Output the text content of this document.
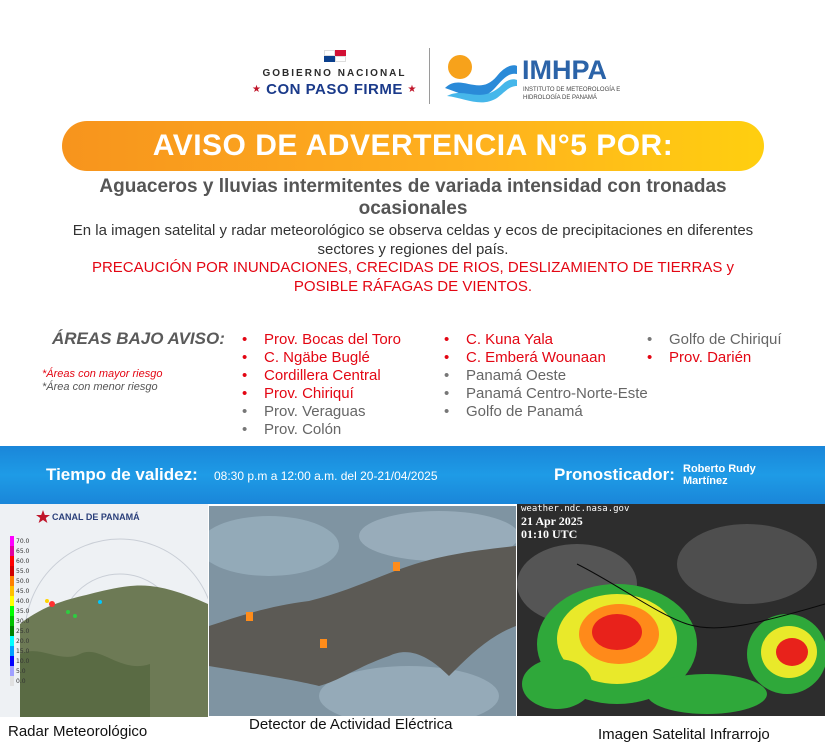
GOBIERNO NACIONAL
★ CON PASO FIRME ★
IMHPA
INSTITUTO DE METEOROLOGÍA E HIDROLOGÍA DE PANAMÁ
AVISO DE ADVERTENCIA N°5 POR:
Aguaceros y lluvias intermitentes de variada intensidad con tronadas ocasionales
En la imagen satelital y radar meteorológico se observa celdas y ecos de precipitaciones en diferentes sectores y regiones del país.
PRECAUCIÓN POR INUNDACIONES, CRECIDAS DE RIOS, DESLIZAMIENTO DE TIERRAS y POSIBLE RÁFAGAS DE VIENTOS.
ÁREAS BAJO AVISO:
*Áreas con mayor riesgo
*Área con menor riesgo
• Prov. Bocas del Toro
• C. Ngäbe Buglé
• Cordillera Central
• Prov. Chiriquí
• Prov. Veraguas
• Prov. Colón
• C. Kuna Yala
• C. Emberá Wounaan
• Panamá Oeste
• Panamá Centro-Norte-Este
• Golfo de Panamá
• Golfo de Chiriquí
• Prov. Darién
Tiempo de validez: 08:30 p.m a 12:00 a.m. del 20-21/04/2025	Pronosticador: Roberto Rudy Martínez
70.0
65.0
60.0
55.0
50.0
45.0
40.0
35.0
30.0
25.0
20.0
15.0
10.0
5.0
0.0
CANAL DE PANAMÁ
weather.ndc.nasa.gov
21 Apr 2025
01:10 UTC
Radar Meteorológico	Detector de Actividad Eléctrica
Imagen Satelital Infrarrojo
